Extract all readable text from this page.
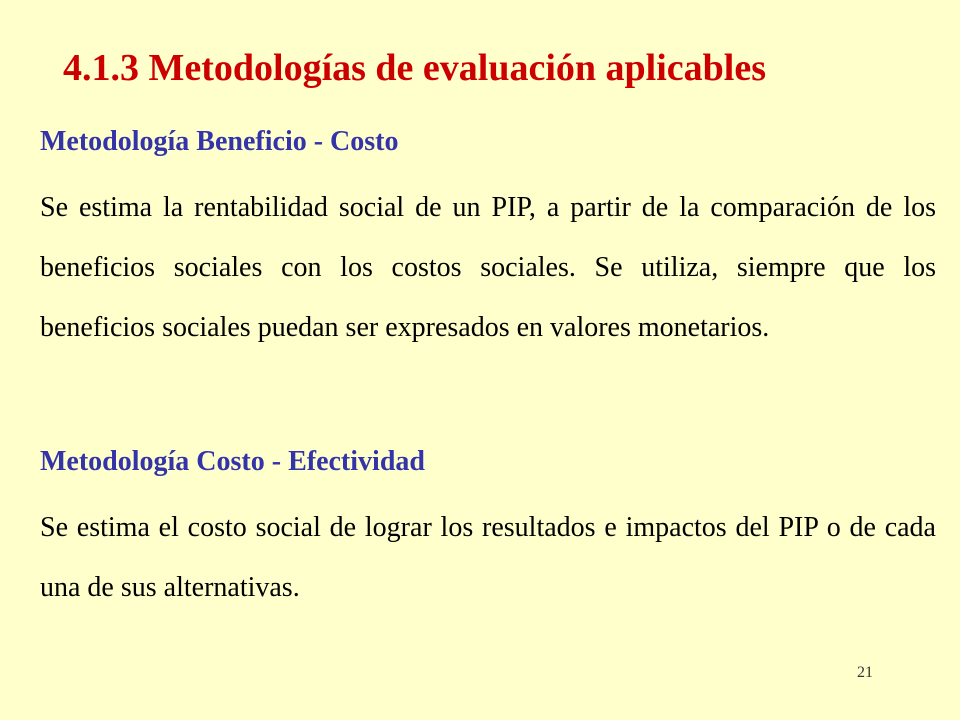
4.1.3 Metodologías de evaluación aplicables
Metodología Beneficio - Costo

Se estima la rentabilidad social de un PIP, a partir de la comparación de los beneficios sociales con los costos sociales. Se utiliza, siempre que los beneficios sociales puedan ser expresados en valores monetarios.

Metodología Costo - Efectividad

Se estima el costo social de lograr los resultados e impactos del PIP o de cada una de sus alternativas.

21
